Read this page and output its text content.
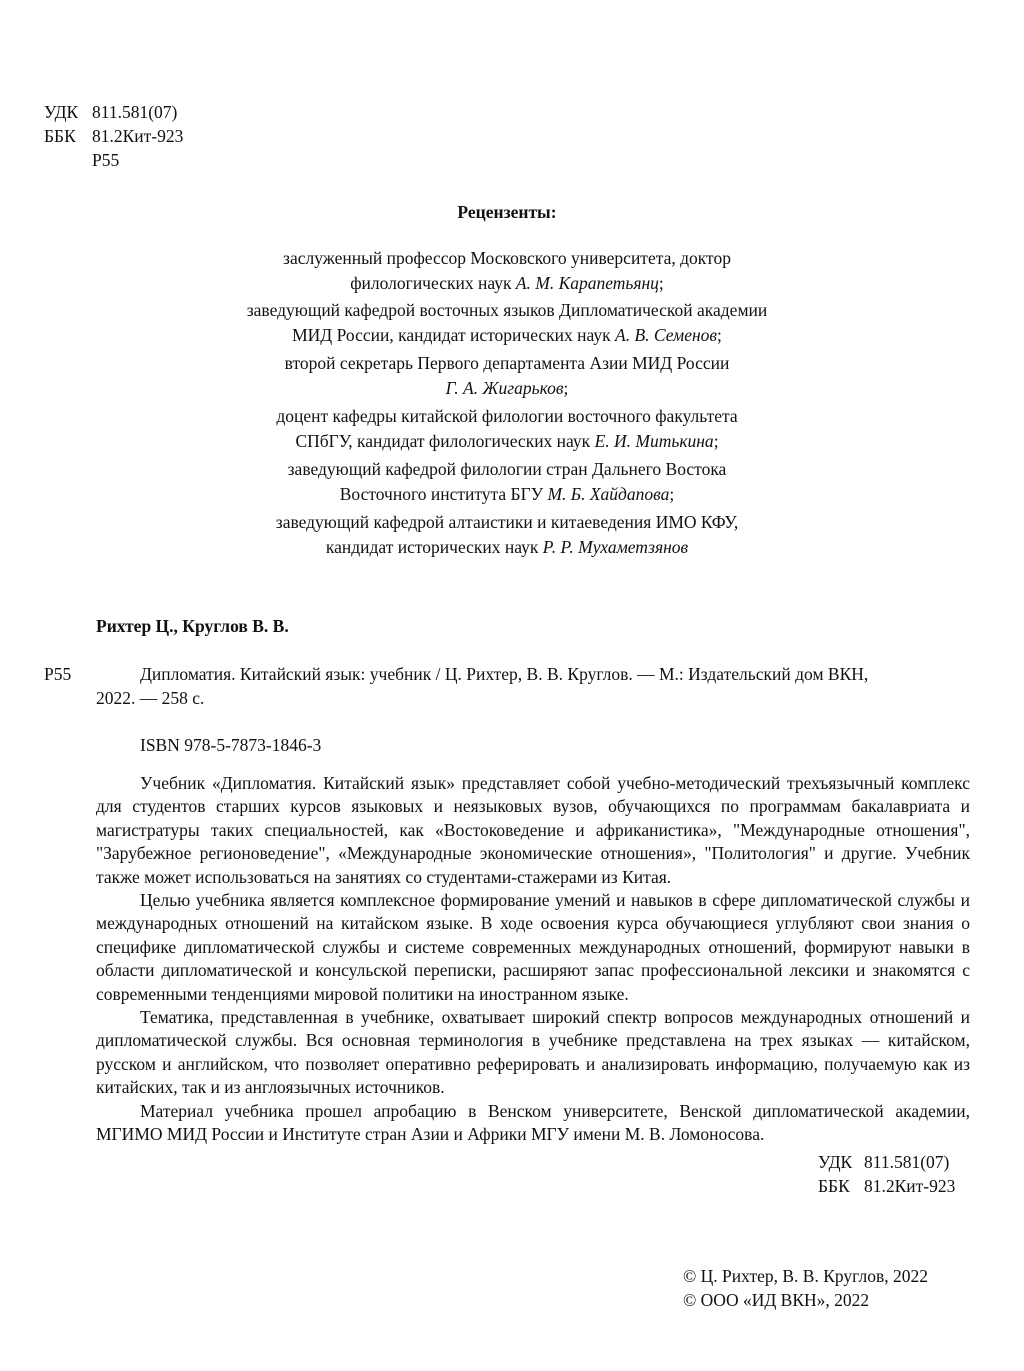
УДК 811.581(07)
ББК 81.2Кит-923
Р55
Рецензенты:
заслуженный профессор Московского университета, доктор
филологических наук А. М. Карапетьянц;
заведующий кафедрой восточных языков Дипломатической академии
МИД России, кандидат исторических наук А. В. Семенов;
второй секретарь Первого департамента Азии МИД России
Г. А. Жигарьков;
доцент кафедры китайской филологии восточного факультета
СПбГУ, кандидат филологических наук Е. И. Митькина;
заведующий кафедрой филологии стран Дальнего Востока
Восточного института БГУ М. Б. Хайдапова;
заведующий кафедрой алтаистики и китаеведения ИМО КФУ,
кандидат исторических наук Р. Р. Мухаметзянов
Рихтер Ц., Круглов В. В.
Р55	Дипломатия. Китайский язык: учебник / Ц. Рихтер, В. В. Круглов. — М.: Издательский дом ВКН,
2022. — 258 с.
ISBN 978-5-7873-1846-3

Учебник «Дипломатия. Китайский язык» представляет собой учебно-методический трехъязычный комплекс для студентов старших курсов языковых и неязыковых вузов, обучающихся по программам бакалавриата и магистратуры таких специальностей, как «Востоковедение и африканистика», "Международные отношения", "Зарубежное регионоведение", «Международные экономические отношения», "Политология" и другие. Учебник также может использоваться на занятиях со студентами-стажерами из Китая.

Целью учебника является комплексное формирование умений и навыков в сфере дипломатической службы и международных отношений на китайском языке. В ходе освоения курса обучающиеся углубляют свои знания о специфике дипломатической службы и системе современных международных отношений, формируют навыки в области дипломатической и консульской переписки, расширяют запас профессиональной лексики и знакомятся с современными тенденциями мировой политики на иностранном языке.

Тематика, представленная в учебнике, охватывает широкий спектр вопросов международных отношений и дипломатической службы. Вся основная терминология в учебнике представлена на трех языках — китайском, русском и английском, что позволяет оперативно реферировать и анализировать информацию, получаемую как из китайских, так и из англоязычных источников.

Материал учебника прошел апробацию в Венском университете, Венской дипломатической академии, МГИМО МИД России и Институте стран Азии и Африки МГУ имени М. В. Ломоносова.

УДК 811.581(07)
ББК 81.2Кит-923
© Ц. Рихтер, В. В. Круглов, 2022
© ООО «ИД ВКН», 2022
